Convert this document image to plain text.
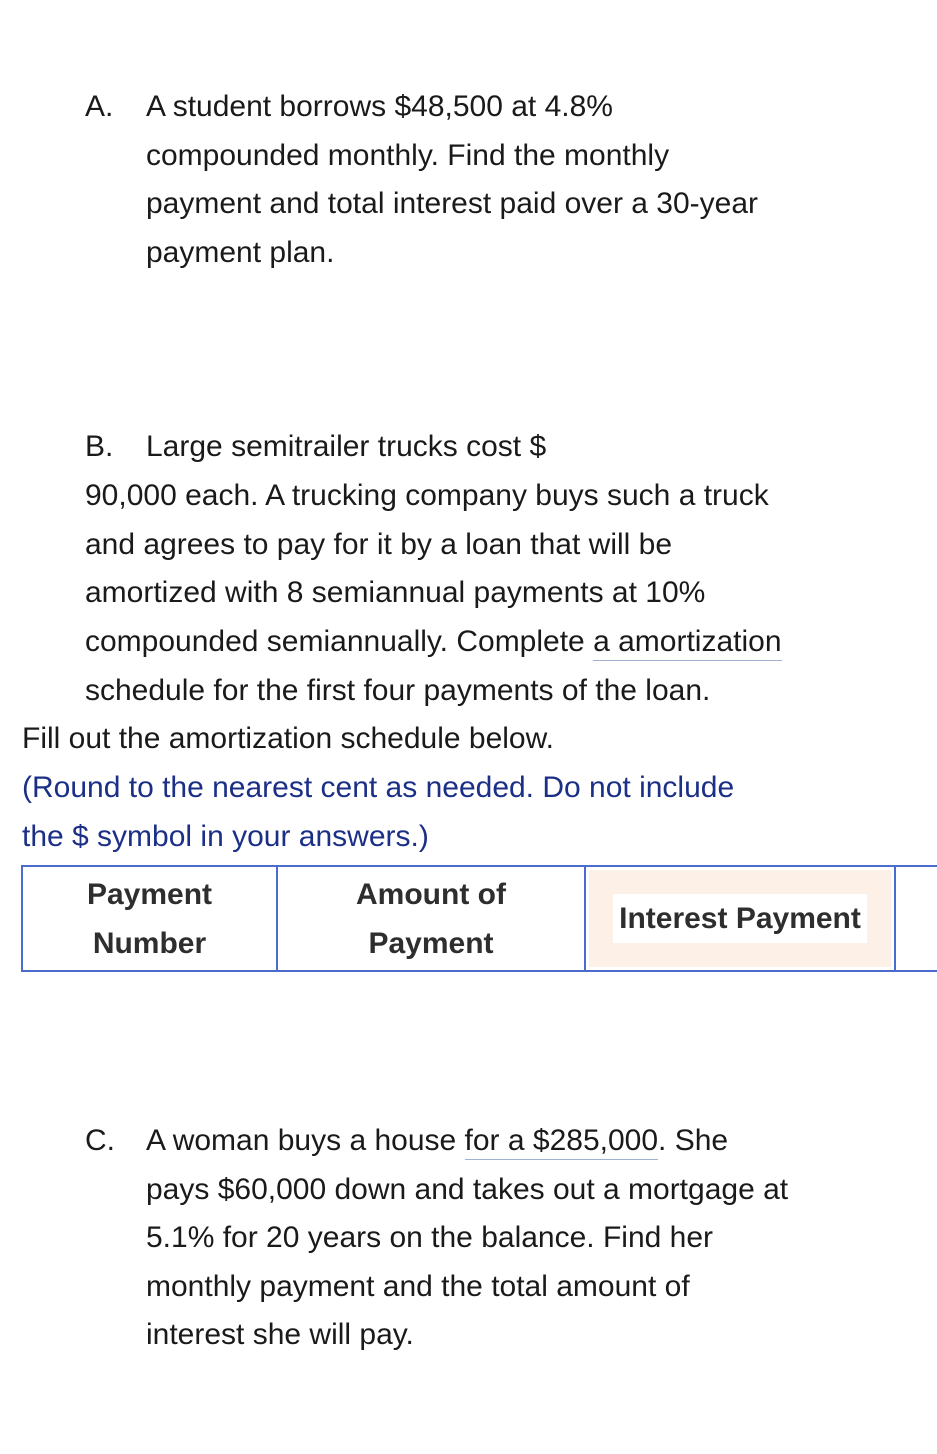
A. A student borrows $48,500 at 4.8%

compounded monthly. Find the monthly

payment and total interest paid over a 30-year

payment plan.

B. Large semitrailer trucks cost $

90,000 each. A trucking company buys such a truck

and agrees to pay for it by a loan that will be

amortized with 8 semiannual payments at 10%

compounded semiannually. Complete a amortization

schedule for the first four payments of the loan.

Fill out the amortization schedule below.

(Round to the nearest cent as needed. Do not include

the $ symbol in your answers.)

Payment
Number
Amount of
Payment
Interest Payment
C. A woman buys a house for a $285,000. She

pays $60,000 down and takes out a mortgage at

5.1% for 20 years on the balance. Find her

monthly payment and the total amount of

interest she will pay.
